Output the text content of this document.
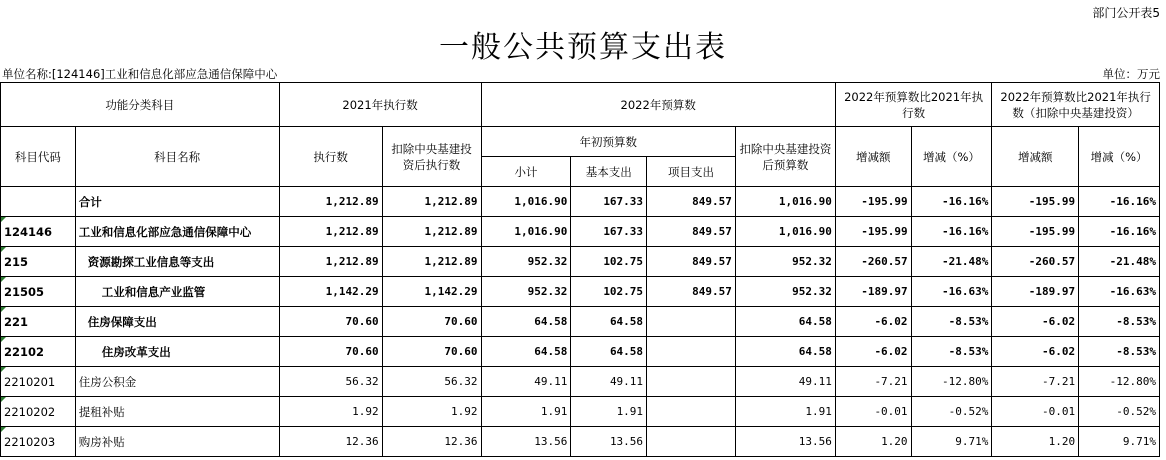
部门公开表5
一般公共预算支出表
单位名称:[124146]工业和信息化部应急通信保障中心	单位：万元
功能分类科目		2021年执行数		2022年预算数				2022年预算数比2021年执行数		2022年预算数比2021年执行数（扣除中央基建投资）	
科目代码	科目名称	执行数	扣除中央基建投资后执行数	年初预算数			扣除中央基建投资后预算数	增减额	增减（%）	增减额	增减（%）
				小计	基本支出	项目支出					
	合计	1,212.89	1,212.89	1,016.90	167.33	849.57	1,016.90	-195.99	-16.16%	-195.99	-16.16%
124146	工业和信息化部应急通信保障中心	1,212.89	1,212.89	1,016.90	167.33	849.57	1,016.90	-195.99	-16.16%	-195.99	-16.16%
215	资源勘探工业信息等支出	1,212.89	1,212.89	952.32	102.75	849.57	952.32	-260.57	-21.48%	-260.57	-21.48%
21505	工业和信息产业监管	1,142.29	1,142.29	952.32	102.75	849.57	952.32	-189.97	-16.63%	-189.97	-16.63%
221	住房保障支出	70.60	70.60	64.58	64.58		64.58	-6.02	-8.53%	-6.02	-8.53%
22102	住房改革支出	70.60	70.60	64.58	64.58		64.58	-6.02	-8.53%	-6.02	-8.53%
2210201	住房公积金	56.32	56.32	49.11	49.11		49.11	-7.21	-12.80%	-7.21	-12.80%
2210202	提租补贴	1.92	1.92	1.91	1.91		1.91	-0.01	-0.52%	-0.01	-0.52%
2210203	购房补贴	12.36	12.36	13.56	13.56		13.56	1.20	9.71%	1.20	9.71%
